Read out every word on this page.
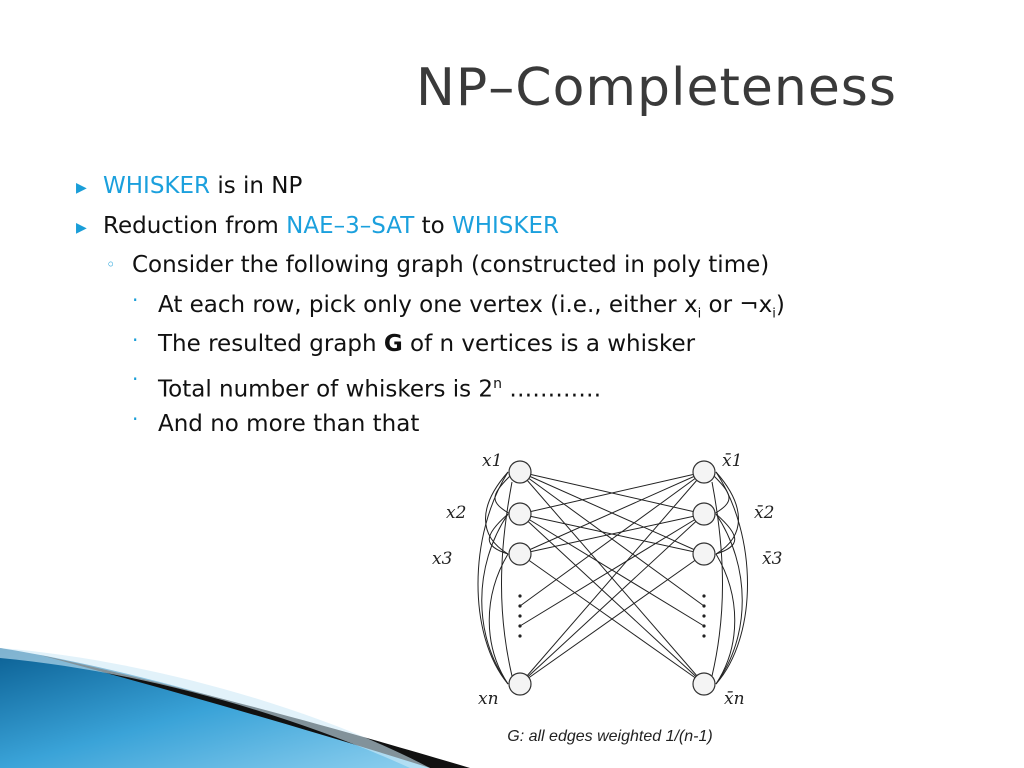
NP–Completeness
▶ WHISKER is in NP
▶ Reduction from NAE–3–SAT to WHISKER
◦ Consider the following graph (constructed in poly time)
· At each row, pick only one vertex (i.e., either $x_i$ or $\neg x_i$)
· The resulted graph G of n vertices is a whisker
· Total number of whiskers is 2$^n$ …………
· And no more than that
x1
x2
x3
xn
x̄1
x̄2
x̄3
x̄n
G: all edges weighted 1/(n-1)
